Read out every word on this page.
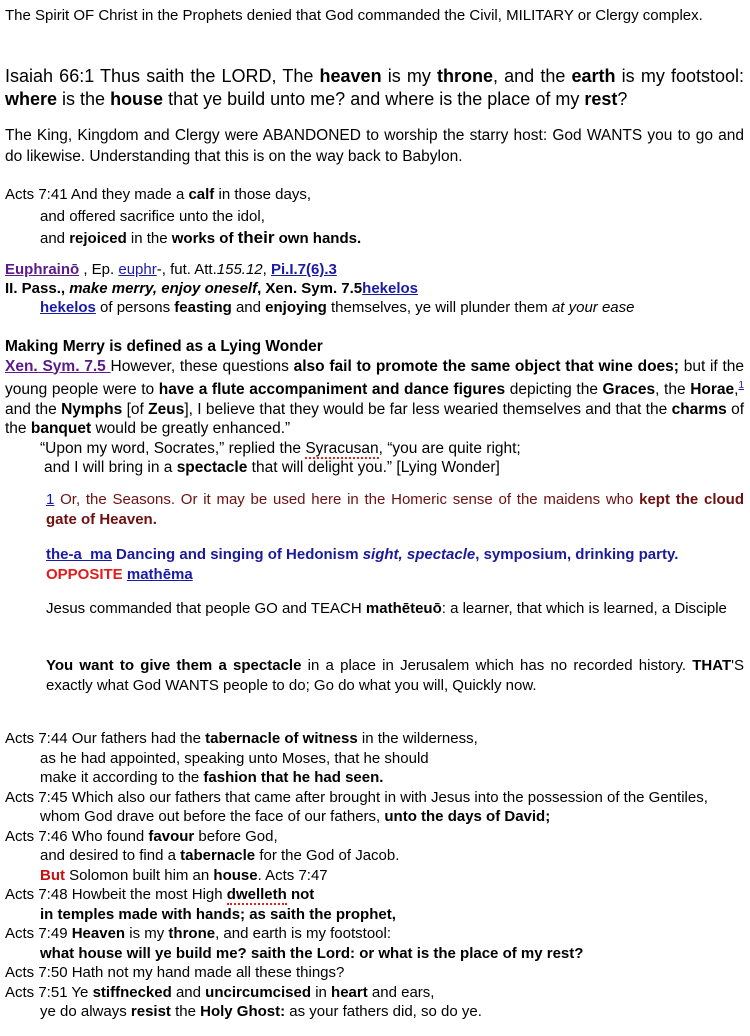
The Spirit OF Christ in the Prophets denied that God commanded the Civil, MILITARY or Clergy complex.
Isaiah 66:1 Thus saith the LORD, The heaven is my throne, and the earth is my footstool: where is the house that ye build unto me? and where is the place of my rest?
The King, Kingdom and Clergy were ABANDONED to worship the starry host: God WANTS you to go and do likewise. Understanding that this is on the way back to Babylon.
Acts 7:41 And they made a calf in those days,
and offered sacrifice unto the idol,
and rejoiced in the works of their own hands.
Euphrainō , Ep. euphr-, fut. Att.155.12, Pi.I.7(6).3
II. Pass., make merry, enjoy oneself, Xen. Sym. 7.5hekelos
hekelos of persons feasting and enjoying themselves, ye will plunder them at your ease
Making Merry is defined as a Lying Wonder
Xen. Sym. 7.5 However, these questions also fail to promote the same object that wine does; but if the young people were to have a flute accompaniment and dance figures depicting the Graces, the Horae,$^1$ and the Nymphs [of Zeus], I believe that they would be far less wearied themselves and that the charms of the banquet would be greatly enhanced.”
“Upon my word, Socrates,” replied the Syracusan, “you are quite right;
and I will bring in a spectacle that will delight you.” [Lying Wonder]
1 Or, the Seasons. Or it may be used here in the Homeric sense of the maidens who kept the cloud gate of Heaven.
the-a_ma Dancing and singing of Hedonism sight, spectacle, symposium, drinking party. OPPOSITE mathēma
Jesus commanded that people GO and TEACH mathēteuō: a learner, that which is learned, a Disciple
You want to give them a spectacle in a place in Jerusalem which has no recorded history. THAT'S exactly what God WANTS people to do; Go do what you will, Quickly now.
Acts 7:44 Our fathers had the tabernacle of witness in the wilderness,
as he had appointed, speaking unto Moses, that he should
make it according to the fashion that he had seen.
Acts 7:45 Which also our fathers that came after brought in with Jesus into the possession of the Gentiles,
whom God drave out before the face of our fathers, unto the days of David;
Acts 7:46 Who found favour before God,
and desired to find a tabernacle for the God of Jacob.
But Solomon built him an house. Acts 7:47
Acts 7:48 Howbeit the most High dwelleth not
in temples made with hands; as saith the prophet,
Acts 7:49 Heaven is my throne, and earth is my footstool:
what house will ye build me? saith the Lord: or what is the place of my rest?
Acts 7:50 Hath not my hand made all these things?
Acts 7:51 Ye stiffnecked and uncircumcised in heart and ears,
ye do always resist the Holy Ghost: as your fathers did, so do ye.
